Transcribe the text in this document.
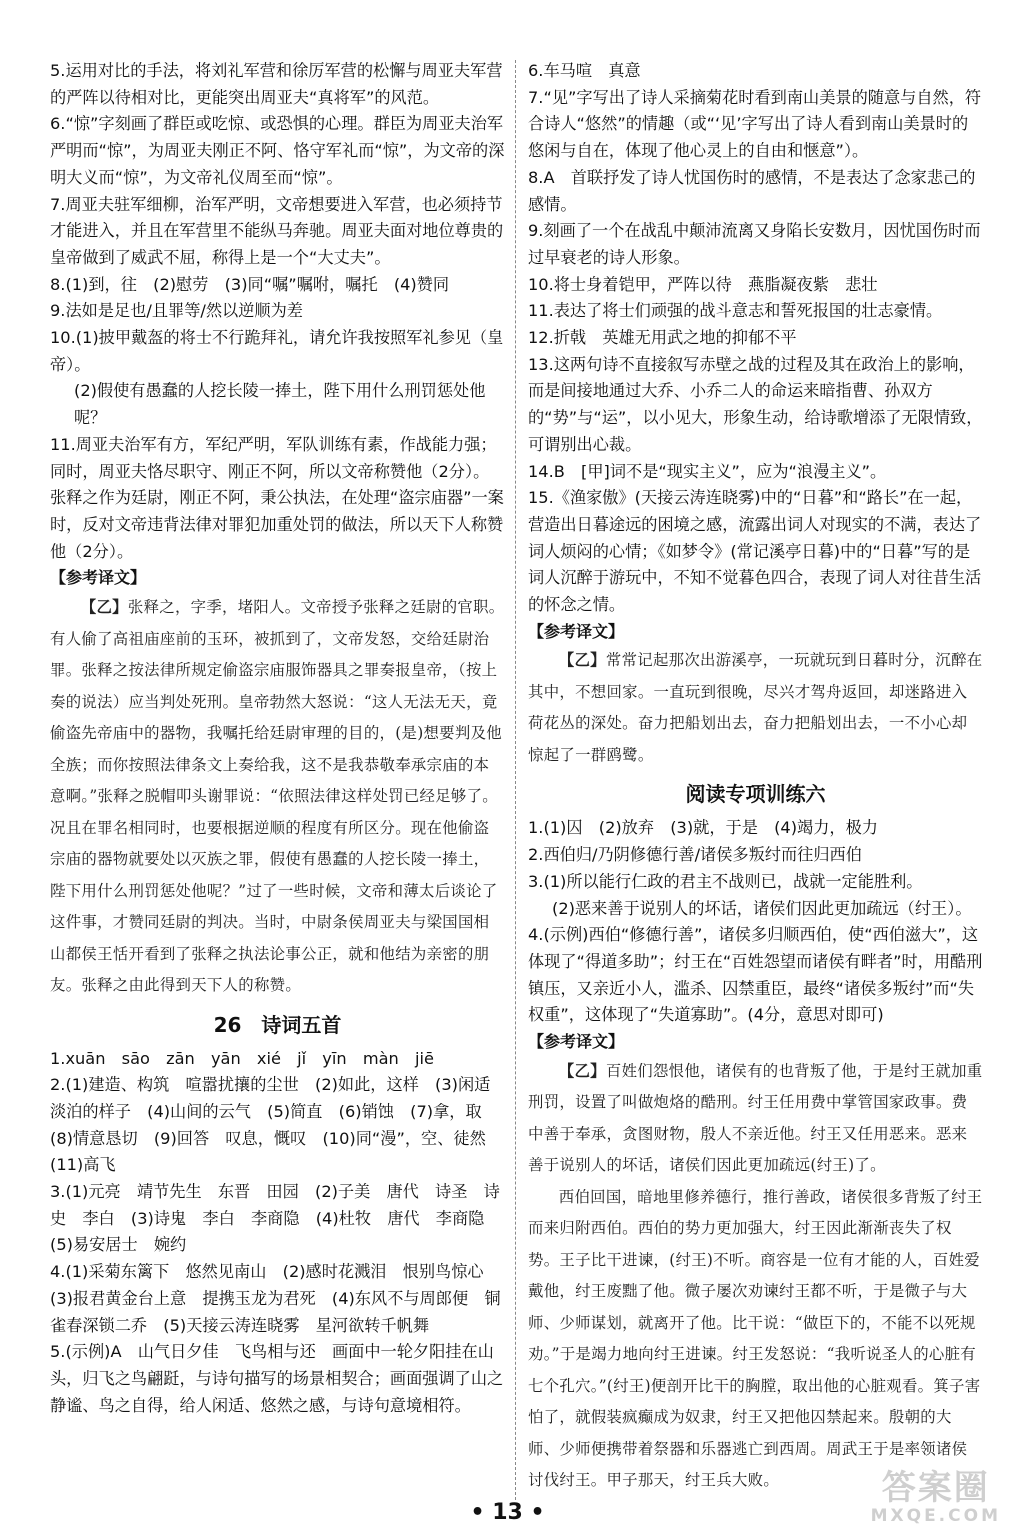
5.运用对比的手法，将刘礼军营和徐厉军营的松懈与周亚夫军营的严阵以待相对比，更能突出周亚夫“真将军”的风范。

6.“惊”字刻画了群臣或吃惊、或恐惧的心理。群臣为周亚夫治军严明而“惊”，为周亚夫刚正不阿、恪守军礼而“惊”，为文帝的深明大义而“惊”，为文帝礼仪周至而“惊”。

7.周亚夫驻军细柳，治军严明，文帝想要进入军营，也必须持节才能进入，并且在军营里不能纵马奔驰。周亚夫面对地位尊贵的皇帝做到了威武不屈，称得上是一个“大丈夫”。

8.(1)到，往　(2)慰劳　(3)同“嘱”嘱咐，嘱托　(4)赞同

9.法如是足也/且罪等/然以逆顺为差

10.(1)披甲戴盔的将士不行跪拜礼，请允许我按照军礼参见（皇帝）。

(2)假使有愚蠢的人挖长陵一捧土，陛下用什么刑罚惩处他呢？

11.周亚夫治军有方，军纪严明，军队训练有素，作战能力强；同时，周亚夫恪尽职守、刚正不阿，所以文帝称赞他（2分）。张释之作为廷尉，刚正不阿，秉公执法，在处理“盗宗庙器”一案时，反对文帝违背法律对罪犯加重处罚的做法，所以天下人称赞他（2分）。

【参考译文】

【乙】张释之，字季，堵阳人。文帝授予张释之廷尉的官职。有人偷了高祖庙座前的玉环，被抓到了，文帝发怒，交给廷尉治罪。张释之按法律所规定偷盗宗庙服饰器具之罪奏报皇帝，（按上奏的说法）应当判处死刑。皇帝勃然大怒说：“这人无法无天，竟偷盗先帝庙中的器物，我嘱托给廷尉审理的目的，(是)想要判及他全族；而你按照法律条文上奏给我，这不是我恭敬奉承宗庙的本意啊。”张释之脱帽叩头谢罪说：“依照法律这样处罚已经足够了。况且在罪名相同时，也要根据逆顺的程度有所区分。现在他偷盗宗庙的器物就要处以灭族之罪，假使有愚蠢的人挖长陵一捧土，陛下用什么刑罚惩处他呢？”过了一些时候，文帝和薄太后谈论了这件事，才赞同廷尉的判决。当时，中尉条侯周亚夫与梁国国相山都侯王恬开看到了张释之执法论事公正，就和他结为亲密的朋友。张释之由此得到天下人的称赞。

26　诗词五首

1.xuān　sāo　zān　yān　xié　jǐ　yīn　màn　jiē

2.(1)建造、构筑　喧嚣扰攘的尘世　(2)如此，这样　(3)闲适淡泊的样子　(4)山间的云气　(5)简直　(6)销蚀　(7)拿，取　(8)情意恳切　(9)回答　叹息，慨叹　(10)同“漫”，空、徒然　(11)高飞

3.(1)元亮　靖节先生　东晋　田园　(2)子美　唐代　诗圣　诗史　李白　(3)诗鬼　李白　李商隐　(4)杜牧　唐代　李商隐　(5)易安居士　婉约

4.(1)采菊东篱下　悠然见南山　(2)感时花溅泪　恨别鸟惊心　(3)报君黄金台上意　提携玉龙为君死　(4)东风不与周郎便　铜雀春深锁二乔　(5)天接云涛连晓雾　星河欲转千帆舞

5.(示例)A　山气日夕佳　飞鸟相与还　画面中一轮夕阳挂在山头，归飞之鸟翩跹，与诗句描写的场景相契合；画面强调了山之静谧、鸟之自得，给人闲适、悠然之感，与诗句意境相符。

6.车马喧　真意

7.“见”字写出了诗人采摘菊花时看到南山美景的随意与自然，符合诗人“悠然”的情趣（或“‘见’字写出了诗人看到南山美景时的悠闲与自在，体现了他心灵上的自由和惬意”）。

8.A　首联抒发了诗人忧国伤时的感情，不是表达了念家悲己的感情。

9.刻画了一个在战乱中颠沛流离又身陷长安数月，因忧国伤时而过早衰老的诗人形象。

10.将士身着铠甲，严阵以待　燕脂凝夜紫　悲壮

11.表达了将士们顽强的战斗意志和誓死报国的壮志豪情。

12.折戟　英雄无用武之地的抑郁不平

13.这两句诗不直接叙写赤壁之战的过程及其在政治上的影响，而是间接地通过大乔、小乔二人的命运来暗指曹、孙双方的“势”与“运”，以小见大，形象生动，给诗歌增添了无限情致，可谓别出心裁。

14.B　[甲]词不是“现实主义”，应为“浪漫主义”。

15.《渔家傲》(天接云涛连晓雾)中的“日暮”和“路长”在一起，营造出日暮途远的困境之感，流露出词人对现实的不满，表达了词人烦闷的心情；《如梦令》(常记溪亭日暮)中的“日暮”写的是词人沉醉于游玩中，不知不觉暮色四合，表现了词人对往昔生活的怀念之情。

【参考译文】

【乙】常常记起那次出游溪亭，一玩就玩到日暮时分，沉醉在其中，不想回家。一直玩到很晚，尽兴才驾舟返回，却迷路进入荷花丛的深处。奋力把船划出去，奋力把船划出去，一不小心却惊起了一群鸥鹭。

阅读专项训练六

1.(1)囚　(2)放弃　(3)就，于是　(4)竭力，极力

2.西伯归/乃阴修德行善/诸侯多叛纣而往归西伯

3.(1)所以能行仁政的君主不战则已，战就一定能胜利。

(2)恶来善于说别人的坏话，诸侯们因此更加疏远（纣王）。

4.(示例)西伯“修德行善”，诸侯多归顺西伯，使“西伯滋大”，这体现了“得道多助”；纣王在“百姓怨望而诸侯有畔者”时，用酷刑镇压，又亲近小人，滥杀、囚禁重臣，最终“诸侯多叛纣”而“失权重”，这体现了“失道寡助”。(4分，意思对即可)

【参考译文】

【乙】百姓们怨恨他，诸侯有的也背叛了他，于是纣王就加重刑罚，设置了叫做炮烙的酷刑。纣王任用费中掌管国家政事。费中善于奉承，贪图财物，殷人不亲近他。纣王又任用恶来。恶来善于说别人的坏话，诸侯们因此更加疏远(纣王)了。

西伯回国，暗地里修养德行，推行善政，诸侯很多背叛了纣王而来归附西伯。西伯的势力更加强大，纣王因此渐渐丧失了权势。王子比干进谏，(纣王)不听。商容是一位有才能的人，百姓爱戴他，纣王废黜了他。微子屡次劝谏纣王都不听，于是微子与大师、少师谋划，就离开了他。比干说：“做臣下的，不能不以死规劝。”于是竭力地向纣王进谏。纣王发怒说：“我听说圣人的心脏有七个孔穴。”(纣王)便剖开比干的胸膛，取出他的心脏观看。箕子害怕了，就假装疯癫成为奴隶，纣王又把他囚禁起来。殷朝的大师、少师便携带着祭器和乐器逃亡到西周。周武王于是率领诸侯讨伐纣王。甲子那天，纣王兵大败。

• 13 •
答案圈
MXQE.COM
